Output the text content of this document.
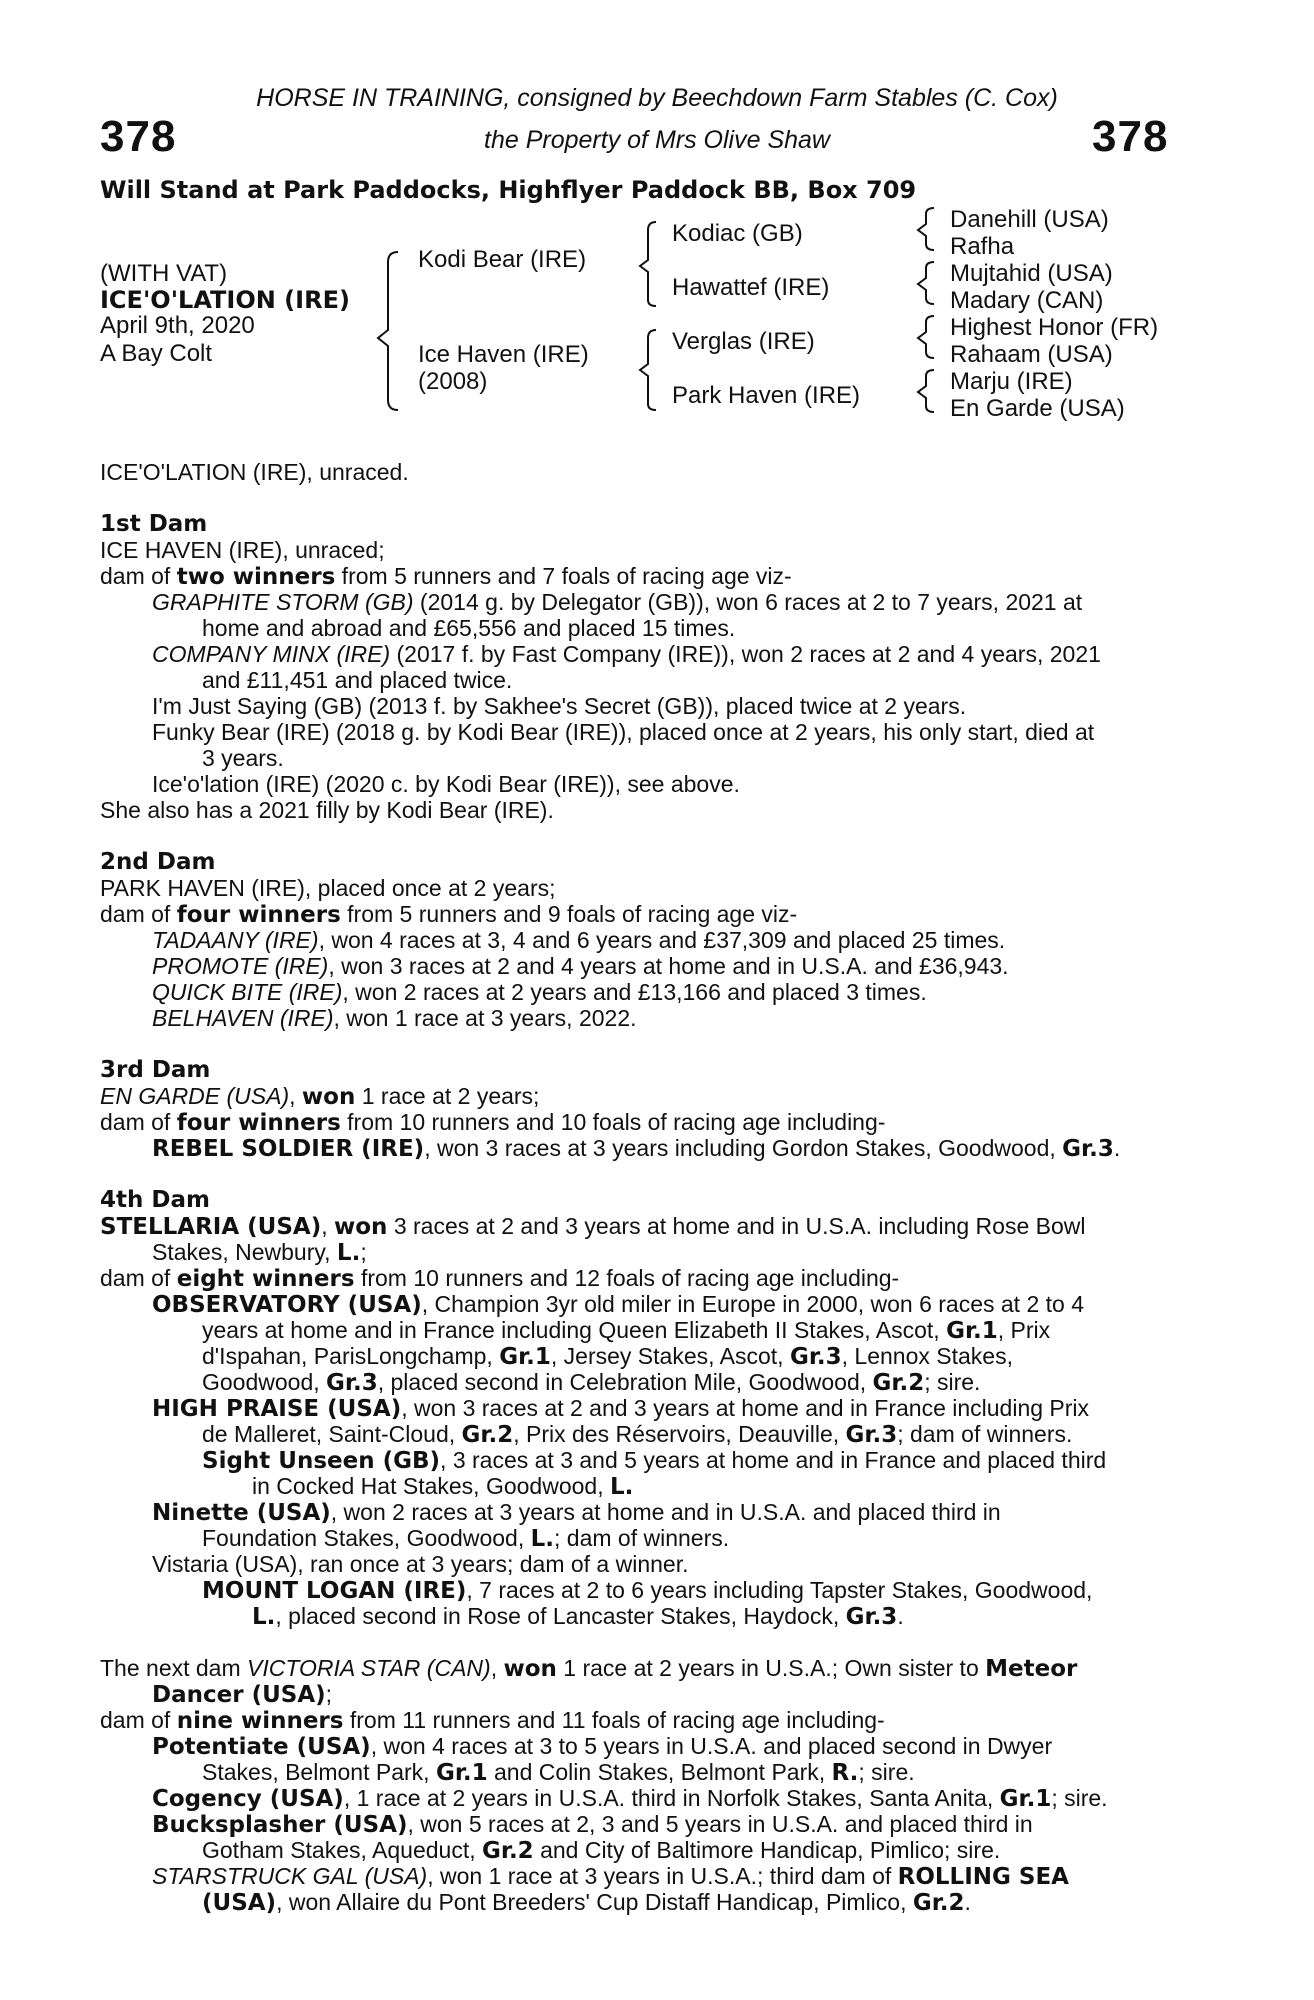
378	378
HORSE IN TRAINING, consigned by Beechdown Farm Stables (C. Cox)
the Property of Mrs Olive Shaw
Will Stand at Park Paddocks, Highflyer Paddock BB, Box 709
(WITH VAT)
ICE'O'LATION (IRE)
April 9th, 2020
A Bay Colt
Kodi Bear (IRE)
Ice Haven (IRE)
(2008)
Kodiac (GB)
Hawattef (IRE)
Verglas (IRE)
Park Haven (IRE)
Danehill (USA)
Rafha
Mujtahid (USA)
Madary (CAN)
Highest Honor (FR)
Rahaam (USA)
Marju (IRE)
En Garde (USA)
ICE'O'LATION (IRE), unraced.
1st Dam
ICE HAVEN (IRE), unraced;
dam of two winners from 5 runners and 7 foals of racing age viz-
GRAPHITE STORM (GB) (2014 g. by Delegator (GB)), won 6 races at 2 to 7 years, 2021 at
home and abroad and £65,556 and placed 15 times.
COMPANY MINX (IRE) (2017 f. by Fast Company (IRE)), won 2 races at 2 and 4 years, 2021
and £11,451 and placed twice.
I'm Just Saying (GB) (2013 f. by Sakhee's Secret (GB)), placed twice at 2 years.
Funky Bear (IRE) (2018 g. by Kodi Bear (IRE)), placed once at 2 years, his only start, died at
3 years.
Ice'o'lation (IRE) (2020 c. by Kodi Bear (IRE)), see above.
She also has a 2021 filly by Kodi Bear (IRE).
2nd Dam
PARK HAVEN (IRE), placed once at 2 years;
dam of four winners from 5 runners and 9 foals of racing age viz-
TADAANY (IRE), won 4 races at 3, 4 and 6 years and £37,309 and placed 25 times.
PROMOTE (IRE), won 3 races at 2 and 4 years at home and in U.S.A. and £36,943.
QUICK BITE (IRE), won 2 races at 2 years and £13,166 and placed 3 times.
BELHAVEN (IRE), won 1 race at 3 years, 2022.
3rd Dam
EN GARDE (USA), won 1 race at 2 years;
dam of four winners from 10 runners and 10 foals of racing age including-
REBEL SOLDIER (IRE), won 3 races at 3 years including Gordon Stakes, Goodwood, Gr.3.
4th Dam
STELLARIA (USA), won 3 races at 2 and 3 years at home and in U.S.A. including Rose Bowl
Stakes, Newbury, L.;
dam of eight winners from 10 runners and 12 foals of racing age including-
OBSERVATORY (USA), Champion 3yr old miler in Europe in 2000, won 6 races at 2 to 4
years at home and in France including Queen Elizabeth II Stakes, Ascot, Gr.1, Prix
d'Ispahan, ParisLongchamp, Gr.1, Jersey Stakes, Ascot, Gr.3, Lennox Stakes,
Goodwood, Gr.3, placed second in Celebration Mile, Goodwood, Gr.2; sire.
HIGH PRAISE (USA), won 3 races at 2 and 3 years at home and in France including Prix
de Malleret, Saint-Cloud, Gr.2, Prix des Réservoirs, Deauville, Gr.3; dam of winners.
Sight Unseen (GB), 3 races at 3 and 5 years at home and in France and placed third
in Cocked Hat Stakes, Goodwood, L.
Ninette (USA), won 2 races at 3 years at home and in U.S.A. and placed third in
Foundation Stakes, Goodwood, L.; dam of winners.
Vistaria (USA), ran once at 3 years; dam of a winner.
MOUNT LOGAN (IRE), 7 races at 2 to 6 years including Tapster Stakes, Goodwood,
L., placed second in Rose of Lancaster Stakes, Haydock, Gr.3.
The next dam VICTORIA STAR (CAN), won 1 race at 2 years in U.S.A.; Own sister to Meteor
Dancer (USA);
dam of nine winners from 11 runners and 11 foals of racing age including-
Potentiate (USA), won 4 races at 3 to 5 years in U.S.A. and placed second in Dwyer
Stakes, Belmont Park, Gr.1 and Colin Stakes, Belmont Park, R.; sire.
Cogency (USA), 1 race at 2 years in U.S.A. third in Norfolk Stakes, Santa Anita, Gr.1; sire.
Bucksplasher (USA), won 5 races at 2, 3 and 5 years in U.S.A. and placed third in
Gotham Stakes, Aqueduct, Gr.2 and City of Baltimore Handicap, Pimlico; sire.
STARSTRUCK GAL (USA), won 1 race at 3 years in U.S.A.; third dam of ROLLING SEA
(USA), won Allaire du Pont Breeders' Cup Distaff Handicap, Pimlico, Gr.2.
